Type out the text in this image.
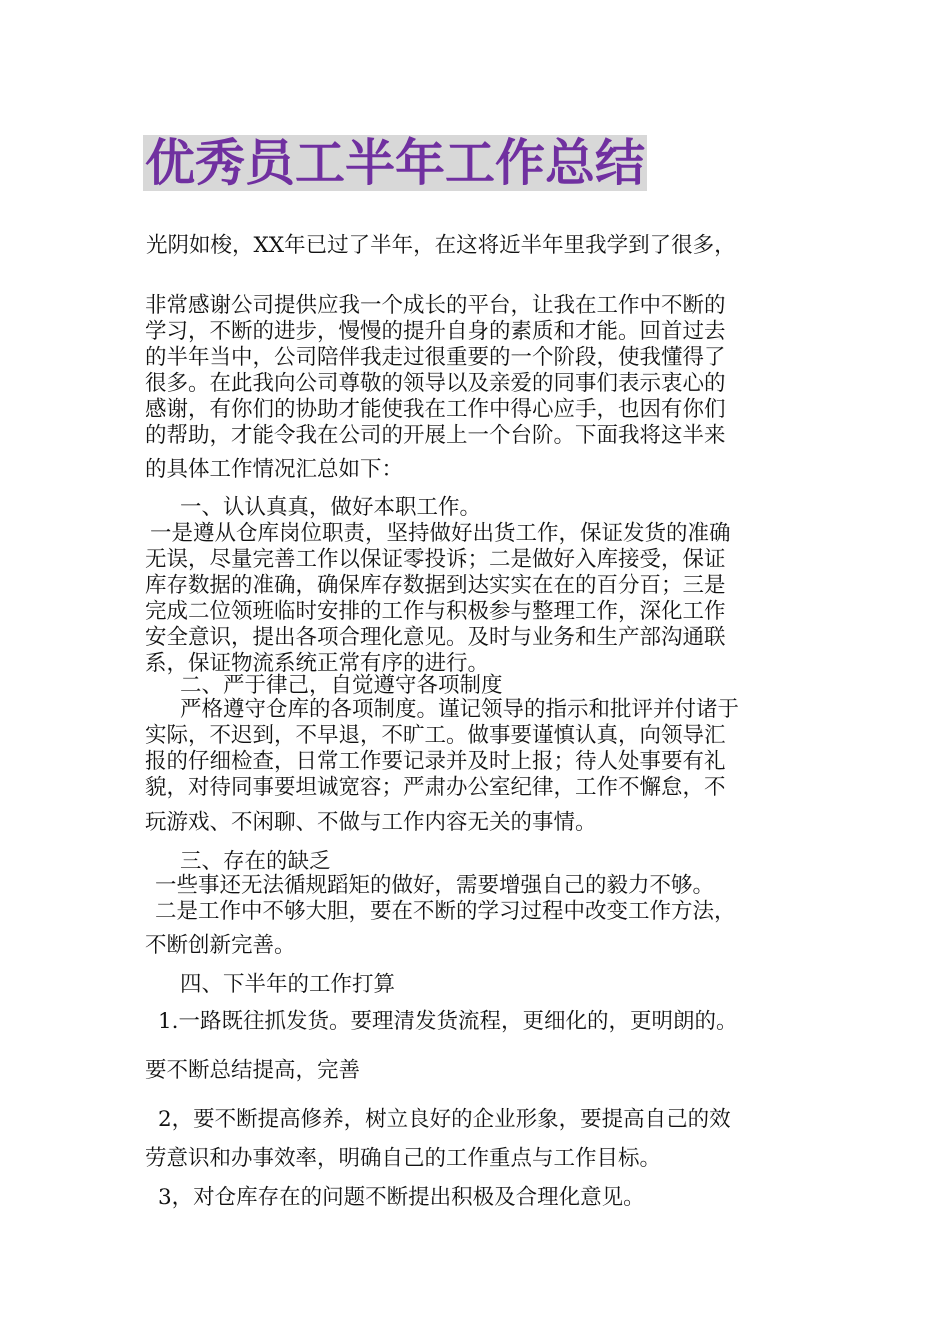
优秀员工半年工作总结
光阴如梭，XX年已过了半年，在这将近半年里我学到了很多，
非常感谢公司提供应我一个成长的平台，让我在工作中不断的
学习，不断的进步，慢慢的提升自身的素质和才能。回首过去
的半年当中，公司陪伴我走过很重要的一个阶段，使我懂得了
很多。在此我向公司尊敬的领导以及亲爱的同事们表示衷心的
感谢，有你们的协助才能使我在工作中得心应手，也因有你们
的帮助，才能令我在公司的开展上一个台阶。下面我将这半来
的具体工作情况汇总如下：
一、认认真真，做好本职工作。
一是遵从仓库岗位职责，坚持做好出货工作，保证发货的准确
无误，尽量完善工作以保证零投诉；二是做好入库接受，保证
库存数据的准确，确保库存数据到达实实在在的百分百；三是
完成二位领班临时安排的工作与积极参与整理工作，深化工作
安全意识，提出各项合理化意见。及时与业务和生产部沟通联
系，保证物流系统正常有序的进行。
二、严于律己，自觉遵守各项制度
严格遵守仓库的各项制度。谨记领导的指示和批评并付诸于
实际，不迟到，不早退，不旷工。做事要谨慎认真，向领导汇
报的仔细检查，日常工作要记录并及时上报；待人处事要有礼
貌，对待同事要坦诚宽容；严肃办公室纪律，工作不懈怠，不
玩游戏、不闲聊、不做与工作内容无关的事情。
三、存在的缺乏
一些事还无法循规蹈矩的做好，需要增强自己的毅力不够。
二是工作中不够大胆，要在不断的学习过程中改变工作方法，
不断创新完善。
四、下半年的工作打算
1.一路既往抓发货。要理清发货流程，更细化的，更明朗的。
要不断总结提高，完善
2，要不断提高修养，树立良好的企业形象，要提高自己的效
劳意识和办事效率，明确自己的工作重点与工作目标。
3，对仓库存在的问题不断提出积极及合理化意见。
